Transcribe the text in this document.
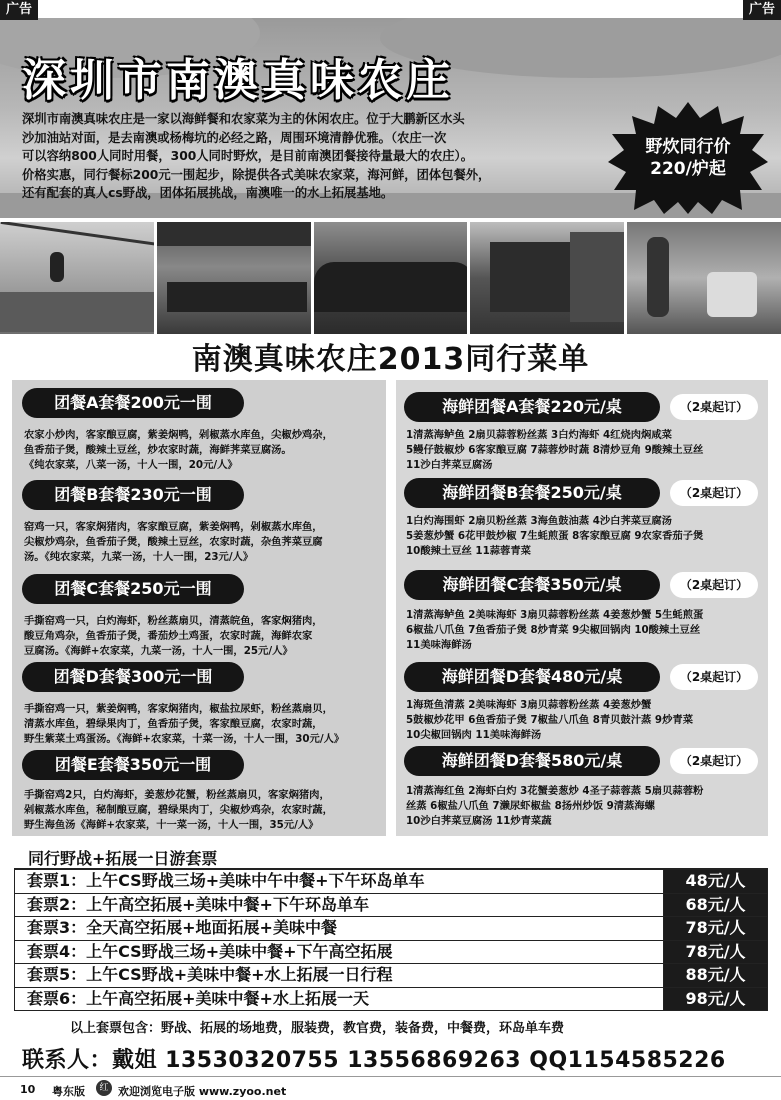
广告	广告
深圳市南澳真味农庄
深圳市南澳真味农庄是一家以海鲜餐和农家菜为主的休闲农庄。位于大鹏新区水头
沙加油站对面，是去南澳或杨梅坑的必经之路，周围环境清静优雅。（农庄一次
可以容纳800人同时用餐，300人同时野炊，是目前南澳团餐接待量最大的农庄）。
价格实惠，同行餐标200元一围起步，除提供各式美味农家菜，海河鲜，团体包餐外，
还有配套的真人cs野战，团体拓展挑战，南澳唯一的水上拓展基地。
野炊同行价
220/炉起
南澳真味农庄2013同行菜单
团餐A套餐200元一围
农家小炒肉，客家酿豆腐，紫姜焖鸭，剁椒蒸水库鱼，尖椒炒鸡杂，
鱼香茄子煲，酸辣土豆丝，炒农家时蔬，海鲜荠菜豆腐汤。
《纯农家菜，八菜一汤，十人一围，20元/人》
团餐B套餐230元一围
窑鸡一只，客家焖猪肉，客家酿豆腐，紫姜焖鸭，剁椒蒸水库鱼，
尖椒炒鸡杂，鱼香茄子煲，酸辣土豆丝，农家时蔬，杂鱼荠菜豆腐
汤。《纯农家菜，九菜一汤，十人一围，23元/人》
团餐C套餐250元一围
手撕窑鸡一只，白灼海虾，粉丝蒸扇贝，清蒸皖鱼，客家焖猪肉，
酸豆角鸡杂，鱼香茄子煲，番茄炒土鸡蛋，农家时蔬，海鲜农家
豆腐汤。《海鲜+农家菜，九菜一汤，十人一围，25元/人》
团餐D套餐300元一围
手撕窑鸡一只，紫姜焖鸭，客家焖猪肉，椒盐拉尿虾，粉丝蒸扇贝，
清蒸水库鱼，碧绿果肉丁，鱼香茄子煲，客家酿豆腐，农家时蔬，
野生紫菜土鸡蛋汤。《海鲜+农家菜，十菜一汤，十人一围，30元/人》
团餐E套餐350元一围
手撕窑鸡2只，白灼海虾，姜葱炒花蟹，粉丝蒸扇贝，客家焖猪肉，
剁椒蒸水库鱼，秘制酿豆腐，碧绿果肉丁，尖椒炒鸡杂，农家时蔬，
野生海鱼汤《海鲜+农家菜，十一菜一汤，十人一围，35元/人》
海鲜团餐A套餐220元/桌	（2桌起订）
1清蒸海鲈鱼 2扇贝蒜蓉粉丝蒸 3白灼海虾 4红烧肉焖咸菜
5鳗仔鼓椒炒 6客家酿豆腐 7蒜蓉炒时蔬 8清炒豆角 9酸辣土豆丝
11沙白荠菜豆腐汤
海鲜团餐B套餐250元/桌	（2桌起订）
1白灼海围虾 2扇贝粉丝蒸 3海鱼鼓油蒸 4沙白荠菜豆腐汤
5姜葱炒蟹 6花甲鼓炒椒 7生蚝煎蛋 8客家酿豆腐 9农家香茄子煲
10酸辣土豆丝 11蒜蓉青菜
海鲜团餐C套餐350元/桌	（2桌起订）
1清蒸海鲈鱼 2美味海虾 3扇贝蒜蓉粉丝蒸 4姜葱炒蟹 5生蚝煎蛋
6椒盐八爪鱼 7鱼香茄子煲 8炒青菜 9尖椒回锅肉 10酸辣土豆丝
11美味海鲜汤
海鲜团餐D套餐480元/桌	（2桌起订）
1海斑鱼清蒸 2美味海虾 3扇贝蒜蓉粉丝蒸 4姜葱炒蟹
5鼓椒炒花甲 6鱼香茄子煲 7椒盐八爪鱼 8青贝鼓汁蒸 9炒青菜
10尖椒回锅肉 11美味海鲜汤
海鲜团餐D套餐580元/桌	（2桌起订）
1清蒸海红鱼 2海虾白灼 3花蟹姜葱炒 4圣子蒜蓉蒸 5扇贝蒜蓉粉
丝蒸 6椒盐八爪鱼 7濑尿虾椒盐 8扬州炒饭 9清蒸海螺
10沙白荠菜豆腐汤 11炒青菜蔬
同行野战+拓展一日游套票
套票1：上午CS野战三场+美味中午中餐+下午环岛单车	48元/人
套票2：上午高空拓展+美味中餐+下午环岛单车	68元/人
套票3：全天高空拓展+地面拓展+美味中餐	78元/人
套票4：上午CS野战三场+美味中餐+下午高空拓展	78元/人
套票5：上午CS野战+美味中餐+水上拓展一日行程	88元/人
套票6：上午高空拓展+美味中餐+水上拓展一天	98元/人
以上套票包含：野战、拓展的场地费，服装费，教官费，装备费，中餐费，环岛单车费
联系人：戴姐 13530320755 13556869263 QQ1154585226
10 粤东版	红 欢迎浏览电子版 www.zyoo.net
